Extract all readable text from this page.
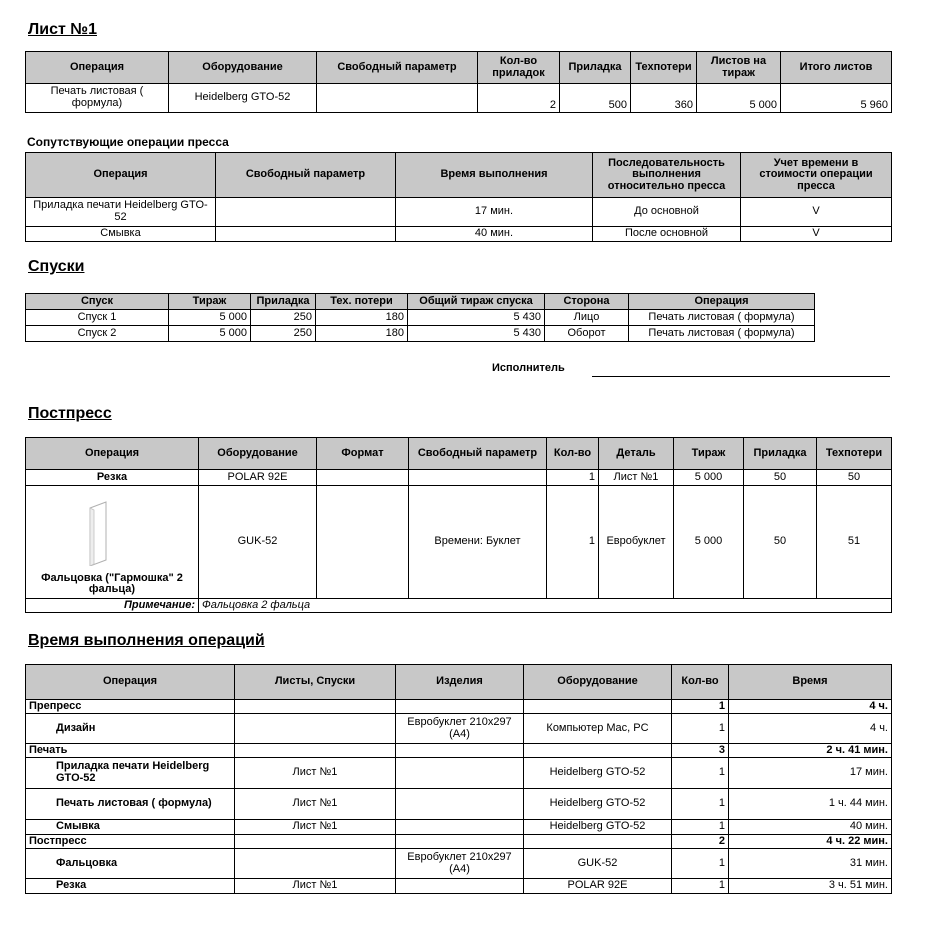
Лист №1
Операция	Оборудование	Свободный параметр	Кол-во приладок	Приладка	Техпотери	Листов на тираж	Итого листов
Печать листовая ( формула)	Heidelberg GTO-52		2	500	360	5 000	5 960
Сопутствующие операции пресса
Операция	Свободный параметр	Время выполнения	Последовательность выполнения относительно пресса	Учет времени в стоимости операции пресса
Приладка печати Heidelberg GTO-52		17 мин.	До основной	V
Смывка		40 мин.	После основной	V
Спуски
Спуск	Тираж	Приладка	Тех. потери	Общий тираж спуска	Сторона	Операция
Спуск 1	5 000	250	180	5 430	Лицо	Печать листовая ( формула)
Спуск 2	5 000	250	180	5 430	Оборот	Печать листовая ( формула)
Исполнитель
Постпресс
Операция	Оборудование	Формат	Свободный параметр	Кол-во	Деталь	Тираж	Приладка	Техпотери
Резка	POLAR 92E			1	Лист №1	5 000	50	50
Фальцовка ("Гармошка" 2 фальца)	GUK-52		Времени: Буклет	1	Евробуклет	5 000	50	51
Примечание:	Фальцовка 2 фальца							
Время выполнения операций
Операция	Листы, Спуски	Изделия	Оборудование	Кол-во	Время
Препресс				1	4 ч.
Дизайн		Евробуклет 210x297 (А4)	Компьютер Mac, PC	1	4 ч.
Печать				3	2 ч. 41 мин.
Приладка печати Heidelberg GTO-52	Лист №1		Heidelberg GTO-52	1	17 мин.
Печать листовая ( формула)	Лист №1		Heidelberg GTO-52	1	1 ч. 44 мин.
Смывка	Лист №1		Heidelberg GTO-52	1	40 мин.
Постпресс				2	4 ч. 22 мин.
Фальцовка		Евробуклет 210x297 (А4)	GUK-52	1	31 мин.
Резка	Лист №1		POLAR 92E	1	3 ч. 51 мин.
